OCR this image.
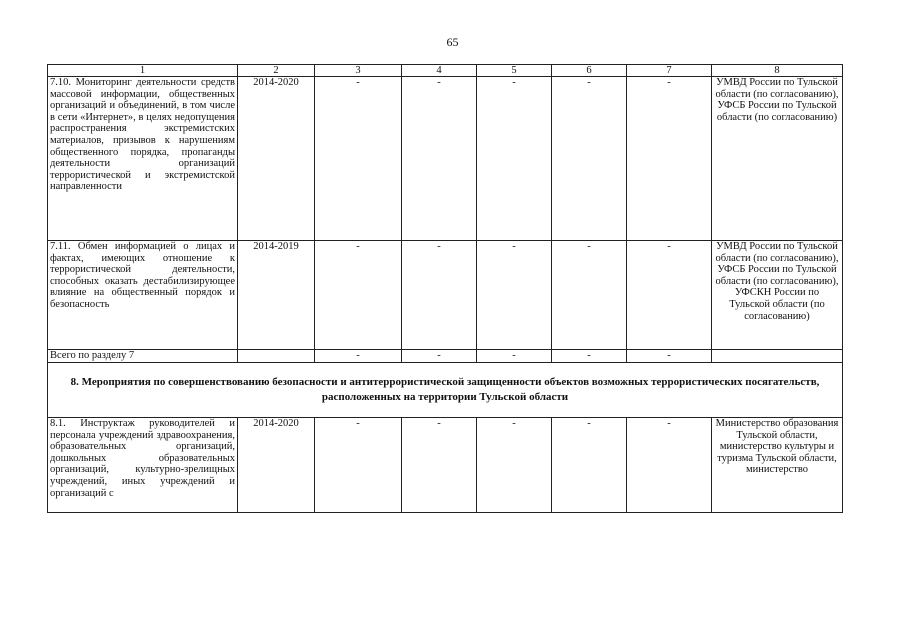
65
1	2	3	4	5	6	7	8
7.10. Мониторинг деятельности средств массовой информации, общественных организаций и объединений, в том числе в сети «Интернет», в целях недопущения распространения экстремистских материалов, призывов к нарушениям общественного порядка, пропаганды деятельности организаций террористической и экстремистской направленности	2014-2020	-	-	-	-	-	УМВД России по Тульской области (по согласованию), УФСБ России по Тульской области (по согласованию)
7.11. Обмен информацией о лицах и фактах, имеющих отношение к террористической деятельности, способных оказать дестабилизирующее влияние на общественный порядок и безопасность	2014-2019	-	-	-	-	-	УМВД России по Тульской области (по согласованию), УФСБ России по Тульской области (по согласованию), УФСКН России по Тульской области (по согласованию)
Всего по разделу 7		-	-	-	-	-	
8. Мероприятия по совершенствованию безопасности и антитеррористической защищенности объектов возможных террористических посягательств, расположенных на территории Тульской области							
8.1. Инструктаж руководителей и персонала учреждений здравоохранения, образовательных организаций, дошкольных образовательных организаций, культурно-зрелищных учреждений, иных учреждений и организаций с	2014-2020	-	-	-	-	-	Министерство образования Тульской области, министерство культуры и туризма Тульской области, министерство
